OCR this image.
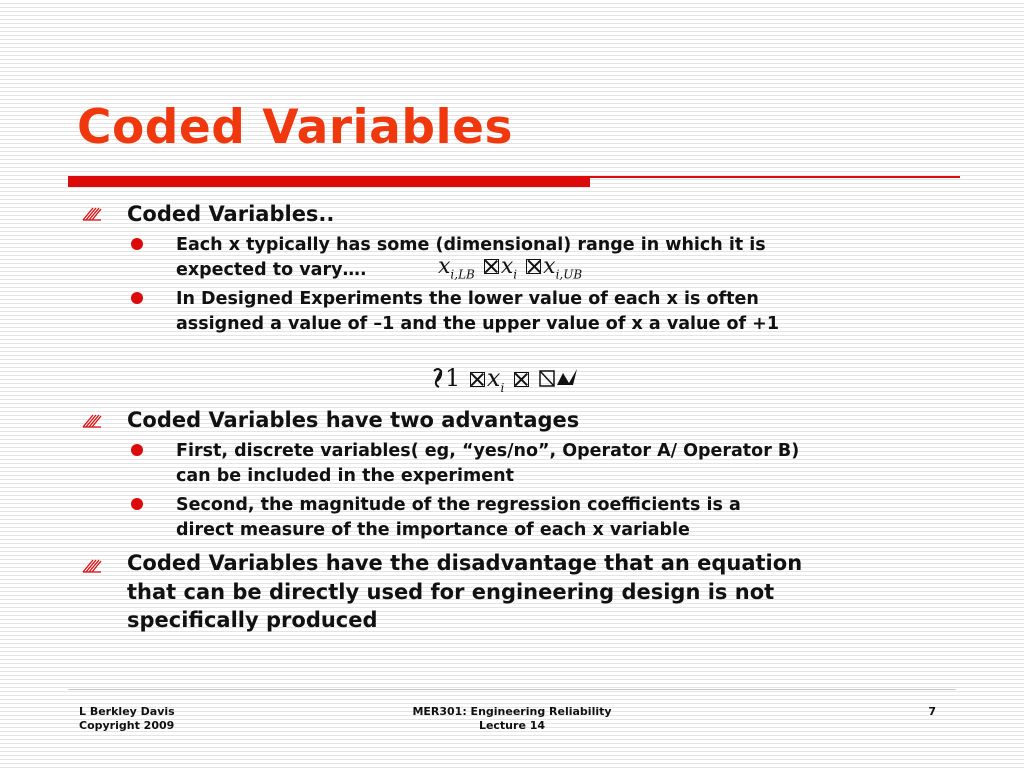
Coded Variables
Coded Variables..
Each x typically has some (dimensional) range in which it is
expected to vary….	$x_{i,LB}$ $x_i$ $x_{i,UB}$
In Designed Experiments the lower value of each x is often
assigned a value of –1 and the upper value of x a value of +1
1 $x_i$
Coded Variables have two advantages
First, discrete variables( eg, “yes/no”, Operator A/ Operator B)
can be included in the experiment
Second, the magnitude of the regression coefficients is a
direct measure of the importance of each x variable
Coded Variables have the disadvantage that an equation
that can be directly used for engineering design is not
specifically produced
L Berkley Davis
Copyright 2009
MER301: Engineering Reliability
Lecture 14
7
